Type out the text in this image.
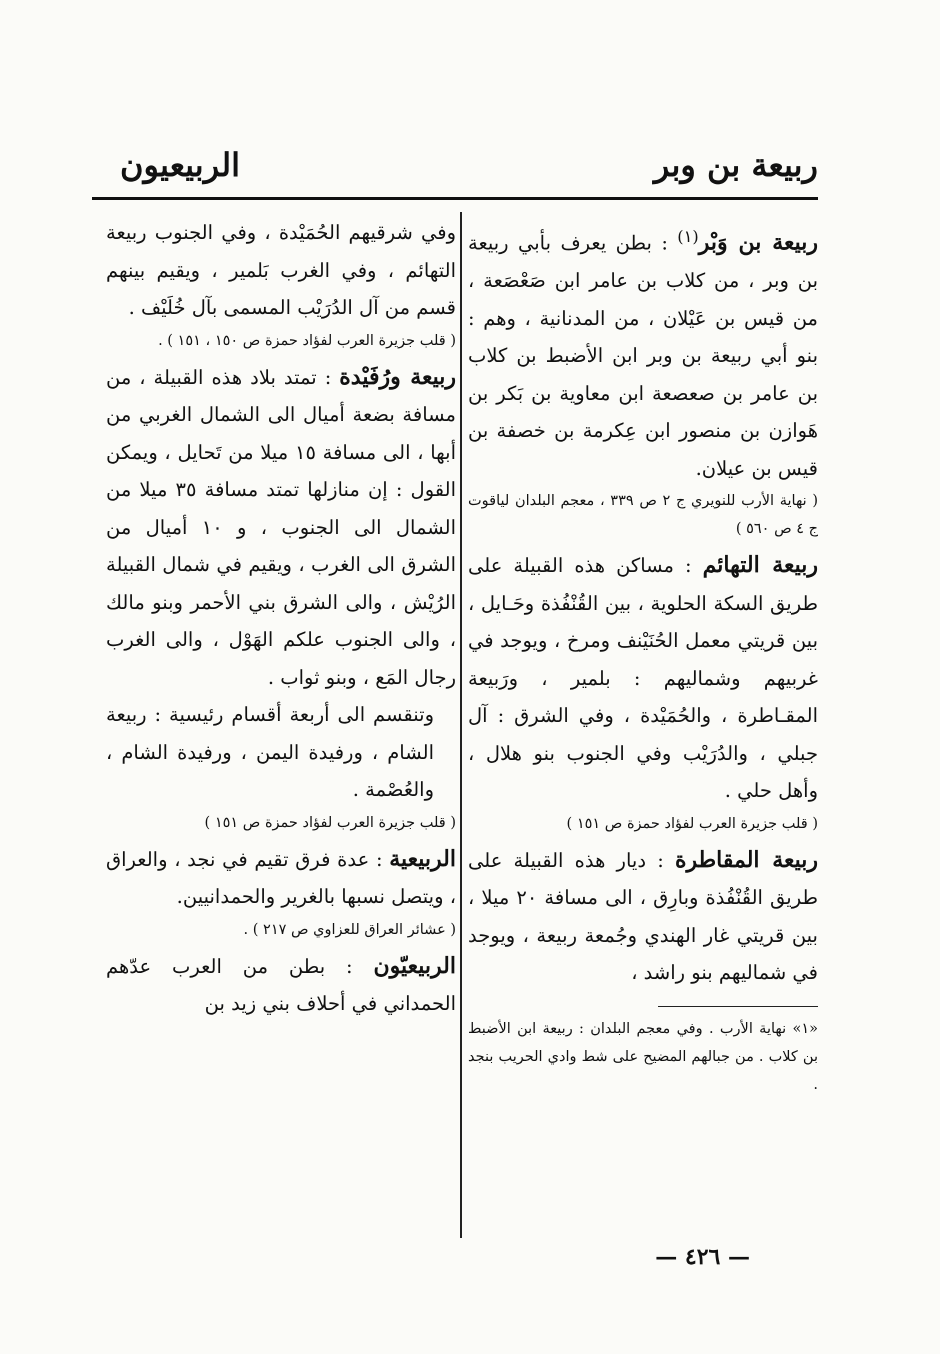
ربيعة بن وبر
الربيعيون

ربيعة بن وَبْر$^{(١)}$ : بطن يعرف بأبي ربيعة بن وبر ، من كلاب بن عامر ابن صَعْصَعة ، من قيس بن عَيْلان ، من المدنانية ، وهم : بنو أبي ربيعة بن وبر ابن الأضبط بن كلاب بن عامر بن صعصعة ابن معاوية بن بَكر بن هَوازن بن منصور ابن عِكرمة بن خصفة بن قيس بن عيلان.

( نهاية الأرب للنويري ج ٢ ص ٣٣٩ ، معجم البلدان لياقوت ج ٤ ص ٥٦٠ )

ربيعة التهائم : مساكن هذه القبيلة على طريق السكة الحلوية ، بين القُنْفُذة وحَـايل ، بين قريتي معمل الحُنَيْنف ومرخ ، ويوجد في غربيهم وشماليهم : بلمير ، ورَبيعة المقـاطرة ، والحُمَيْدة ، وفي الشرق : آل جبلي ، والدُرَيْب وفي الجنوب بنو هلال ، وأهل حلي .

( قلب جزيرة العرب لفؤاد حمزة ص ١٥١ )

ربيعة المقاطرة : ديار هذه القبيلة على طريق القُنْفُذة وبارِق ، الى مسافة ٢٠ ميلا ، بين قريتي غار الهندي وجُمعة ربيعة ، ويوجد في شماليهم بنو راشد ،

«١» نهاية الأرب . وفي معجم البلدان : ربيعة ابن الأضبط بن كلاب . من جبالهم المضيح على شط وادي الحريب بنجد .

وفي شرقيهم الحُمَيْدة ، وفي الجنوب ربيعة التهائم ، وفي الغرب بَلمير ، ويقيم بينهم قسم من آل الدُرَيْب المسمى بآل خُلَيْف .

( قلب جزيرة العرب لفؤاد حمزة ص ١٥٠ ، ١٥١ ) .

ربيعة ورُفَيْدة : تمتد بلاد هذه القبيلة ، من مسافة بضعة أميال الى الشمال الغربي من أبها ، الى مسافة ١٥ ميلا من تَحايل ، ويمكن القول : إن منازلها تمتد مسافة ٣٥ ميلا من الشمال الى الجنوب ، و ١٠ أميال من الشرق الى الغرب ، ويقيم في شمال القبيلة الرُيْش ، والى الشرق بني الأحمر وبنو مالك ، والى الجنوب علكم الهَوْل ، والى الغرب رجال المَع ، وبنو ثواب .

وتنقسم الى أربعة أقسام رئيسية : ربيعة الشام ، ورفيدة اليمن ، ورفيدة الشام ، والعُصْمة .

( قلب جزيرة العرب لفؤاد حمزة ص ١٥١ )

الربيعية : عدة فرق تقيم في نجد ، والعراق ، ويتصل نسبها بالغرير والحمدانيين.

( عشائر العراق للعزاوي ص ٢١٧ ) .

الربيعيّون : بطن من العرب عدّهم الحمداني في أحلاف بني زيد بن

— ٤٢٦ —
